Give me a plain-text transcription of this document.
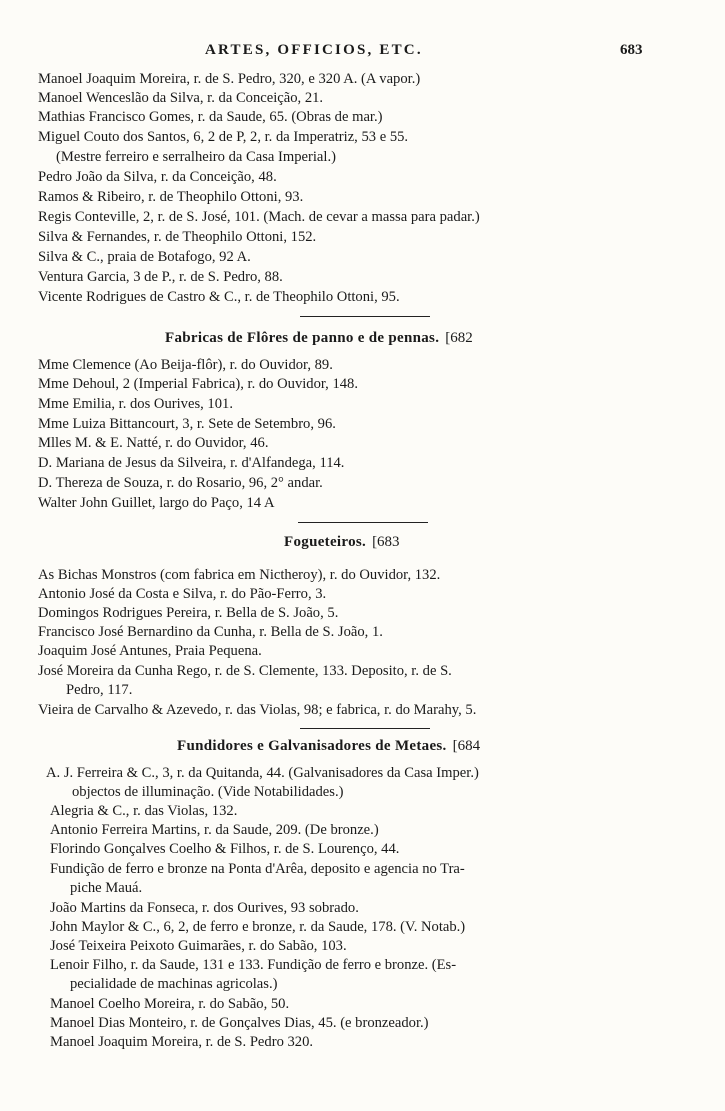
ARTES, OFFICIOS, ETC.	683
Manoel Joaquim Moreira, r. de S. Pedro, 320, e 320 A. (A vapor.)
Manoel Wenceslão da Silva, r. da Conceição, 21.
Mathias Francisco Gomes, r. da Saude, 65. (Obras de mar.)
Miguel Couto dos Santos, 6, 2 de P, 2, r. da Imperatriz, 53 e 55.
(Mestre ferreiro e serralheiro da Casa Imperial.)
Pedro João da Silva, r. da Conceição, 48.
Ramos & Ribeiro, r. de Theophilo Ottoni, 93.
Regis Conteville, 2, r. de S. José, 101. (Mach. de cevar a massa para padar.)
Silva & Fernandes, r. de Theophilo Ottoni, 152.
Silva & C., praia de Botafogo, 92 A.
Ventura Garcia, 3 de P., r. de S. Pedro, 88.
Vicente Rodrigues de Castro & C., r. de Theophilo Ottoni, 95.
Fabricas de Flôres de panno e de pennas. [682
Mme Clemence (Ao Beija-flôr), r. do Ouvidor, 89.
Mme Dehoul, 2 (Imperial Fabrica), r. do Ouvidor, 148.
Mme Emilia, r. dos Ourives, 101.
Mme Luiza Bittancourt, 3, r. Sete de Setembro, 96.
Mlles M. & E. Natté, r. do Ouvidor, 46.
D. Mariana de Jesus da Silveira, r. d'Alfandega, 114.
D. Thereza de Souza, r. do Rosario, 96, 2° andar.
Walter John Guillet, largo do Paço, 14 A
Fogueteiros. [683
As Bichas Monstros (com fabrica em Nictheroy), r. do Ouvidor, 132.
Antonio José da Costa e Silva, r. do Pão-Ferro, 3.
Domingos Rodrigues Pereira, r. Bella de S. João, 5.
Francisco José Bernardino da Cunha, r. Bella de S. João, 1.
Joaquim José Antunes, Praia Pequena.
José Moreira da Cunha Rego, r. de S. Clemente, 133. Deposito, r. de S.
Pedro, 117.
Vieira de Carvalho & Azevedo, r. das Violas, 98; e fabrica, r. do Marahy, 5.
Fundidores e Galvanisadores de Metaes. [684
A. J. Ferreira & C., 3, r. da Quitanda, 44. (Galvanisadores da Casa Imper.)
objectos de illuminação. (Vide Notabilidades.)
Alegria & C., r. das Violas, 132.
Antonio Ferreira Martins, r. da Saude, 209. (De bronze.)
Florindo Gonçalves Coelho & Filhos, r. de S. Lourenço, 44.
Fundição de ferro e bronze na Ponta d'Arêa, deposito e agencia no Tra-
piche Mauá.
João Martins da Fonseca, r. dos Ourives, 93 sobrado.
John Maylor & C., 6, 2, de ferro e bronze, r. da Saude, 178. (V. Notab.)
José Teixeira Peixoto Guimarães, r. do Sabão, 103.
Lenoir Filho, r. da Saude, 131 e 133. Fundição de ferro e bronze. (Es-
pecialidade de machinas agricolas.)
Manoel Coelho Moreira, r. do Sabão, 50.
Manoel Dias Monteiro, r. de Gonçalves Dias, 45. (e bronzeador.)
Manoel Joaquim Moreira, r. de S. Pedro 320.
